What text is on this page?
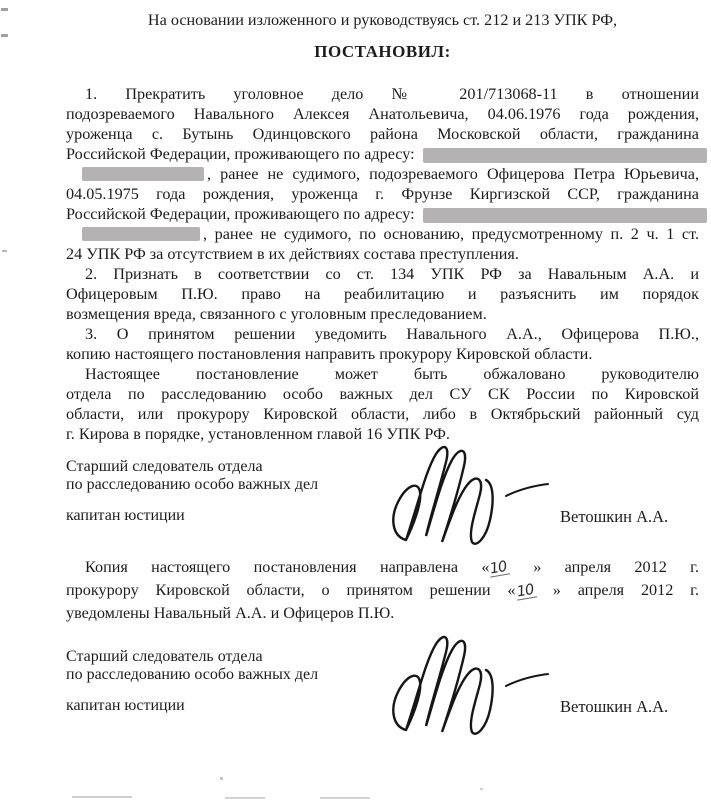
На основании изложенного и руководствуясь ст. 212 и 213 УПК РФ,
ПОСТАНОВИЛ:
1. Прекратить уголовное дело № 201/713068-11 в отношении
подозреваемого Навального Алексея Анатольевича, 04.06.1976 года рождения,
уроженца с. Бутынь Одинцовского района Московской области, гражданина
Российской Федерации, проживающего по адресу:
, ранее не судимого, подозреваемого Офицерова Петра Юрьевича,
04.05.1975 года рождения, уроженца г. Фрунзе Киргизской ССР, гражданина
Российской Федерации, проживающего по адресу:
, ранее не судимого, по основанию, предусмотренному п. 2 ч. 1 ст.
24 УПК РФ за отсутствием в их действиях состава преступления.
2. Признать в соответствии со ст. 134 УПК РФ за Навальным А.А. и
Офицеровым П.Ю. право на реабилитацию и разъяснить им порядок
возмещения вреда, связанного с уголовным преследованием.
3. О принятом решении уведомить Навального А.А., Офицерова П.Ю.,
копию настоящего постановления направить прокурору Кировской области.
Настоящее постановление может быть обжаловано руководителю
отдела по расследованию особо важных дел СУ СК России по Кировской
области, или прокурору Кировской области, либо в Октябрьский районный суд
г. Кирова в порядке, установленном главой 16 УПК РФ.
Старший следователь отдела
по расследованию особо важных дел
капитан юстиции	Ветошкин А.А.
Копия настоящего постановления направлена «10 » апреля 2012 г.
прокурору Кировской области, о принятом решении «10 » апреля 2012 г.
уведомлены Навальный А.А. и Офицеров П.Ю.
Старший следователь отдела
по расследованию особо важных дел
капитан юстиции	Ветошкин А.А.
